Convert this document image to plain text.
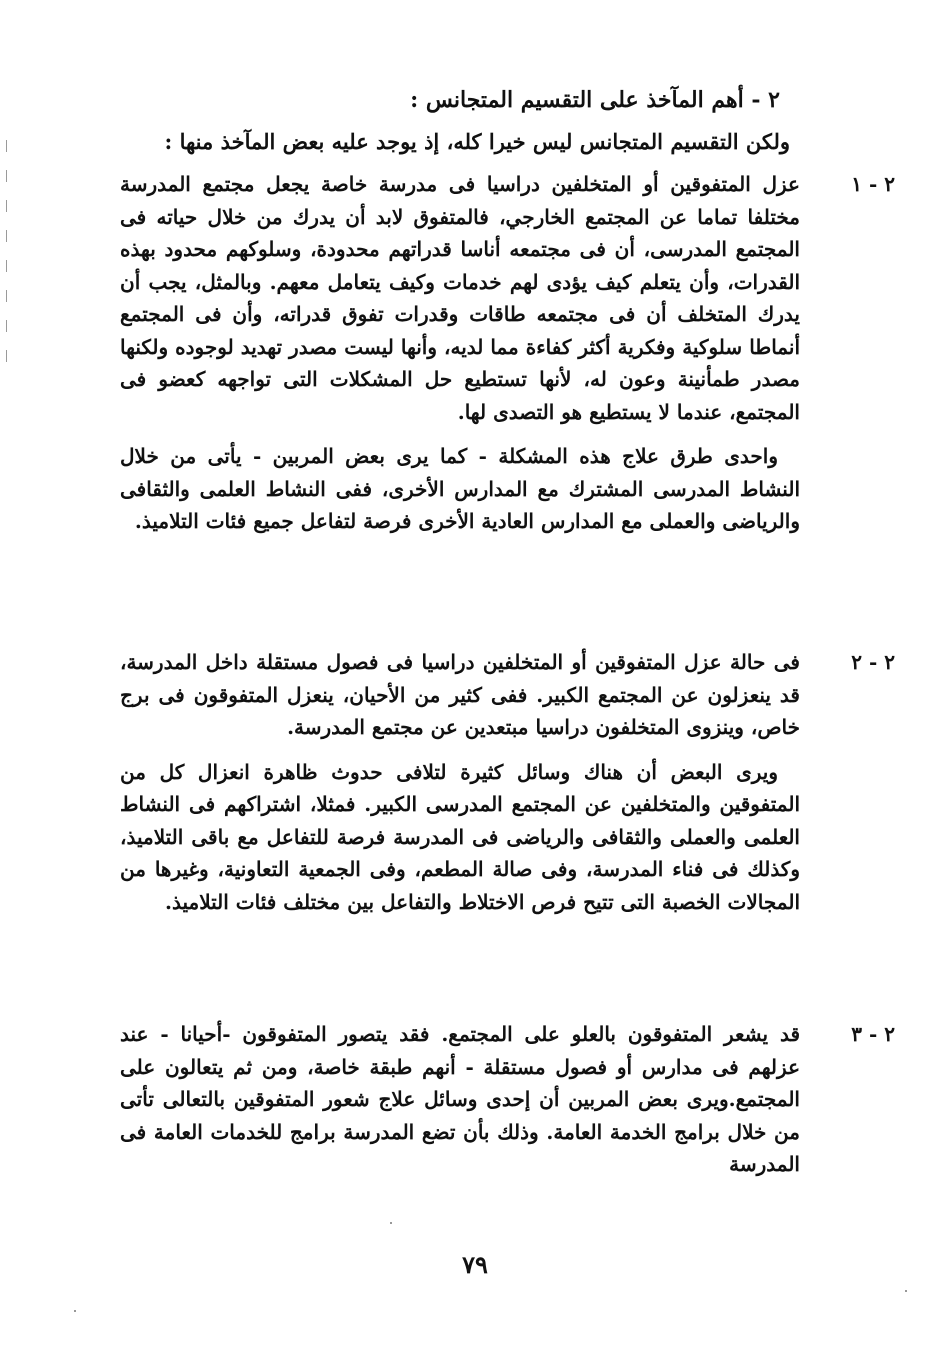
٢ - أهم المآخذ على التقسيم المتجانس :
ولكن التقسيم المتجانس ليس خيرا كله، إذ يوجد عليه بعض المآخذ منها :
٢ - ١
عزل المتفوقين أو المتخلفين دراسيا فى مدرسة خاصة يجعل مجتمع المدرسة مختلفا تماما عن المجتمع الخارجي، فالمتفوق لابد أن يدرك من خلال حياته فى المجتمع المدرسى، أن فى مجتمعه أناسا قدراتهم محدودة، وسلوكهم محدود بهذه القدرات، وأن يتعلم كيف يؤدى لهم خدمات وكيف يتعامل معهم. وبالمثل، يجب أن يدرك المتخلف أن فى مجتمعه طاقات وقدرات تفوق قدراته، وأن فى المجتمع أنماطا سلوكية وفكرية أكثر كفاءة مما لديه، وأنها ليست مصدر تهديد لوجوده ولكنها مصدر طمأنينة وعون له، لأنها تستطيع حل المشكلات التى تواجهه كعضو فى المجتمع، عندما لا يستطيع هو التصدى لها.
واحدى طرق علاج هذه المشكلة - كما يرى بعض المربين - يأتى من خلال النشاط المدرسى المشترك مع المدارس الأخرى، ففى النشاط العلمى والثقافى والرياضى والعملى مع المدارس العادية الأخرى فرصة لتفاعل جميع فئات التلاميذ.
٢ - ٢
فى حالة عزل المتفوقين أو المتخلفين دراسيا فى فصول مستقلة داخل المدرسة، قد ينعزلون عن المجتمع الكبير. ففى كثير من الأحيان، ينعزل المتفوقون فى برج خاص، وينزوى المتخلفون دراسيا مبتعدين عن مجتمع المدرسة.
ويرى البعض أن هناك وسائل كثيرة لتلافى حدوث ظاهرة انعزال كل من المتفوقين والمتخلفين عن المجتمع المدرسى الكبير. فمثلا، اشتراكهم فى النشاط العلمى والعملى والثقافى والرياضى فى المدرسة فرصة للتفاعل مع باقى التلاميذ، وكذلك فى فناء المدرسة، وفى صالة المطعم، وفى الجمعية التعاونية، وغيرها من المجالات الخصبة التى تتيح فرص الاختلاط والتفاعل بين مختلف فئات التلاميذ.
٢ - ٣
قد يشعر المتفوقون بالعلو على المجتمع. فقد يتصور المتفوقون -أحيانا - عند عزلهم فى مدارس أو فصول مستقلة - أنهم طبقة خاصة، ومن ثم يتعالون على المجتمع.ويرى بعض المربين أن إحدى وسائل علاج شعور المتفوقين بالتعالى تأتى من خلال برامج الخدمة العامة. وذلك بأن تضع المدرسة برامج للخدمات العامة فى المدرسة
٧٩
